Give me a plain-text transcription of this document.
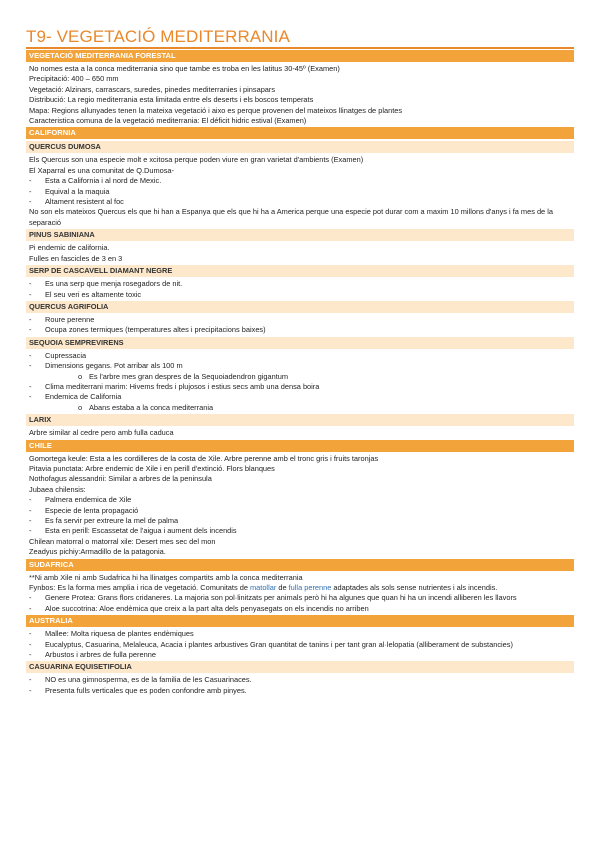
T9- VEGETACIÓ MEDITERRANIA
VEGETACIÓ MEDITERRANIA FORESTAL
No nomes esta a la conca mediterrania sino que tambe es troba en les latitus 30-45º (Examen)
Precipitació: 400 – 650 mm
Vegetació: Alzinars, carrascars, suredes, pinedes mediterranies i pinsapars
Distribució: La regio mediterrania esta limitada entre els deserts i els boscos temperats
Mapa: Regions allunyades tenen la mateixa vegetació i aixo es perque provenen del mateixos llinatges de plantes
Caracteristica comuna de la vegetació mediterrania: El déficit hidric estival (Examen)
CALIFORNIA
QUERCUS DUMOSA
Els Quercus son una especie molt e xcitosa perque poden viure en gran varietat d'ambients (Examen)
El Xaparral es una comunitat de Q.Dumosa-
- Esta a California i al nord de Mexic.
- Equival a la maquia
- Altament resistent al foc
No son els mateixos Quercus els que hi han a Espanya que els que hi ha a America perque una especie pot durar com a maxim 10 millons d'anys i fa mes de la separació
PINUS SABINIANA
Pi endemic de california.
Fulles en fascicles de 3 en 3
SERP DE CASCAVELL DIAMANT NEGRE
- Es una serp que menja rosegadors de nit.
- El seu veri es altamente toxic
QUERCUS AGRIFOLIA
- Roure perenne
- Ocupa zones termiques (temperatures altes i precipitacions baixes)
SEQUOIA SEMPREVIRENS
- Cupressacia
- Dimensions gegans. Pot arribar als 100 m
o Es l'arbre mes gran despres de la Sequoiadendron gigantum
- Clima mediterrani marim: Hivems freds i plujosos i estius secs amb una densa boira
- Endemica de California
o Abans estaba a la conca mediterrania
LARIX
Arbre similar al cedre pero amb fulla caduca
CHILE
Gomortega keule: Esta a les cordilleres de la costa de Xile. Arbre perenne amb el tronc gris i fruits taronjas
Pitavia punctata: Arbre endemic de Xile i en perill d'extinció. Flors blanques
Nothofagus alessandrii: Similar a arbres de la peninsula
Jubaea chilensis:
- Palmera endemica de Xile
- Especie de lenta propagació
- Es fa servir per extreure la mel de palma
- Esta en perill: Escassetat de l'aigua i aument dels incendis
Chilean matorral o matorral xile: Desert mes sec del mon
Zeadyus pichiy:Armadillo de la patagonia.
SUDAFRICA
**Ni amb Xile ni amb Sudafrica hi ha llinatges compartits amb la conca mediterrania
Fynbos: Es la forma mes amplia i rica de vegetació. Comunitats de matollar de fulla perenne adaptades als sols sense nutrientes i als incendis.
- Genere Protea: Grans flors cridaneres. La majoria son pol·linitzats per animals però hi ha algunes que quan hi ha un incendi alliberen les llavors
- Aloe succotrina: Aloe endèmica que creix a la part alta dels penyasegats on els incendis no arriben
AUSTRALIA
- Mallee: Molta riquesa de plantes endèmiques
- Eucalyptus, Casuarina, Melaleuca, Acacia i plantes arbustives Gran quantitat de tanins i per tant gran al·lelopatia (alliberament de substancies)
- Arbustos i arbres de fulla perenne
CASUARINA EQUISETIFOLIA
- NO es una gimnosperma, es de la familia de les Casuarinaces.
- Presenta fulls verticales que es poden confondre amb pinyes.
